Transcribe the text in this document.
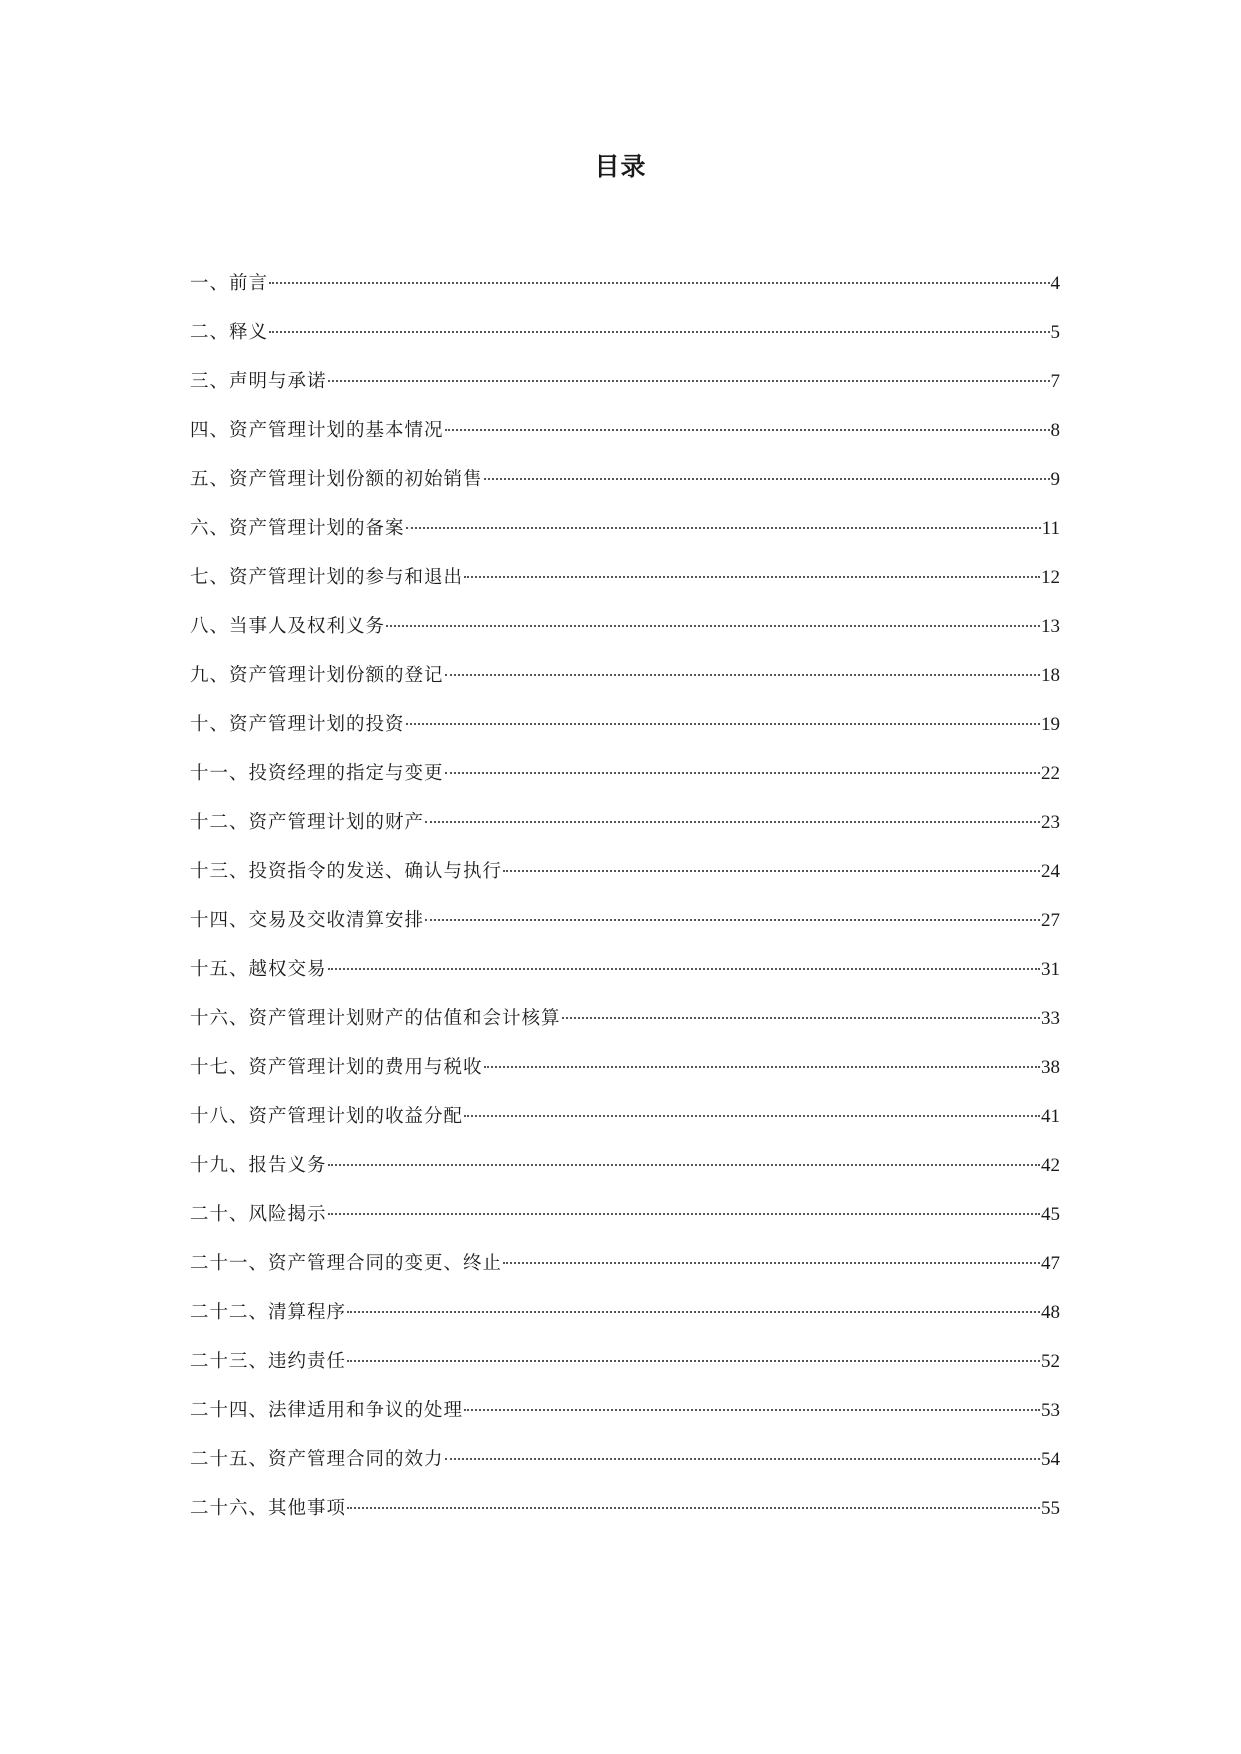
目录
一、前言	4
二、释义	5
三、声明与承诺	7
四、资产管理计划的基本情况	8
五、资产管理计划份额的初始销售	9
六、资产管理计划的备案	11
七、资产管理计划的参与和退出	12
八、当事人及权利义务	13
九、资产管理计划份额的登记	18
十、资产管理计划的投资	19
十一、投资经理的指定与变更	22
十二、资产管理计划的财产	23
十三、投资指令的发送、确认与执行	24
十四、交易及交收清算安排	27
十五、越权交易	31
十六、资产管理计划财产的估值和会计核算	33
十七、资产管理计划的费用与税收	38
十八、资产管理计划的收益分配	41
十九、报告义务	42
二十、风险揭示	45
二十一、资产管理合同的变更、终止	47
二十二、清算程序	48
二十三、违约责任	52
二十四、法律适用和争议的处理	53
二十五、资产管理合同的效力	54
二十六、其他事项	55
